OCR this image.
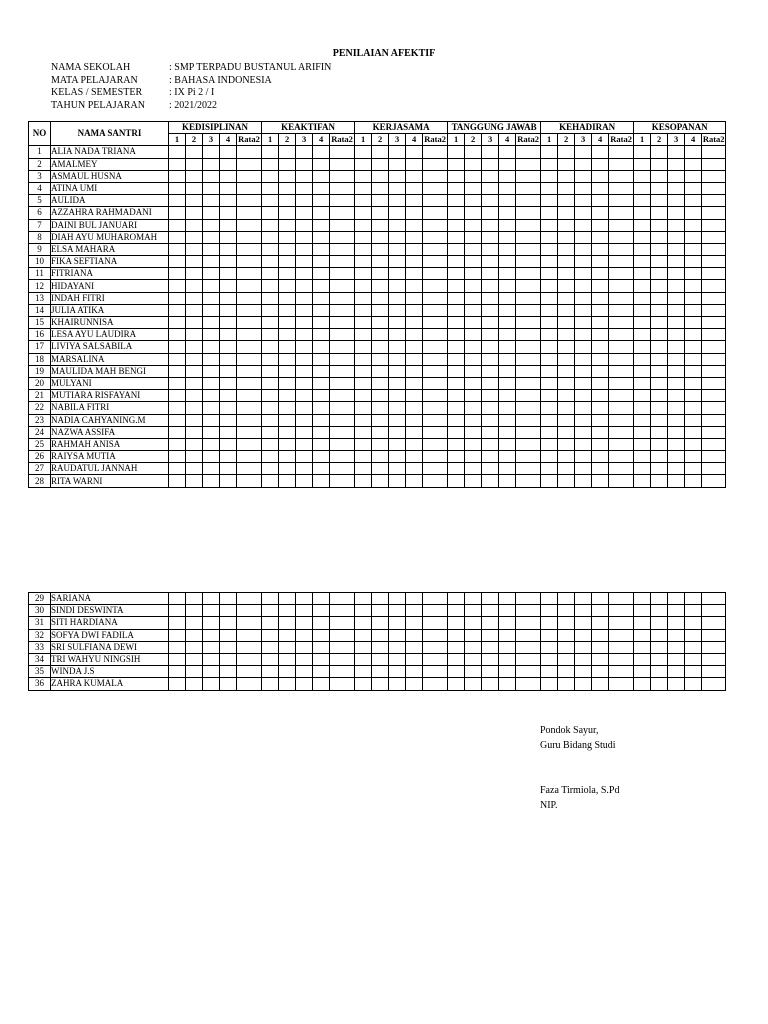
PENILAIAN AFEKTIF
NAMA SEKOLAH	: SMP TERPADU BUSTANUL ARIFIN
MATA PELAJARAN	: BAHASA INDONESIA
KELAS / SEMESTER	: IX Pi 2 / I
TAHUN PELAJARAN	: 2021/2022
NO	NAMA SANTRI	KEDISIPLINAN					KEAKTIFAN					KERJASAMA					TANGGUNG JAWAB					KEHADIRAN					KESOPANAN				
		1	2	3	4	Rata2	1	2	3	4	Rata2	1	2	3	4	Rata2	1	2	3	4	Rata2	1	2	3	4	Rata2	1	2	3	4	Rata2
1	ALIA NADA TRIANA																														
2	AMALMEY																														
3	ASMAUL HUSNA																														
4	ATINA UMI																														
5	AULIDA																														
6	AZZAHRA RAHMADANI																														
7	DAINI BUL JANUARI																														
8	DIAH AYU MUHAROMAH																														
9	ELSA MAHARA																														
10	FIKA SEFTIANA																														
11	FITRIANA																														
12	HIDAYANI																														
13	INDAH FITRI																														
14	JULIA ATIKA																														
15	KHAIRUNNISA																														
16	LESA AYU LAUDIRA																														
17	LIVIYA SALSABILA																														
18	MARSALINA																														
19	MAULIDA MAH BENGI																														
20	MULYANI																														
21	MUTIARA RISFAYANI																														
22	NABILA FITRI																														
23	NADIA CAHYANING.M																														
24	NAZWA ASSIFA																														
25	RAHMAH ANISA																														
26	RAIYSA MUTIA																														
27	RAUDATUL JANNAH																														
28	RITA WARNI																														
29	SARIANA																														
30	SINDI DESWINTA																														
31	SITI HARDIANA																														
32	SOFYA DWI FADILA																														
33	SRI SULFIANA DEWI																														
34	TRI WAHYU NINGSIH																														
35	WINDA J.S																														
36	ZAHRA KUMALA																														
Pondok Sayur,
Guru Bidang Studi
Faza Tirmiola, S.Pd
NIP.
